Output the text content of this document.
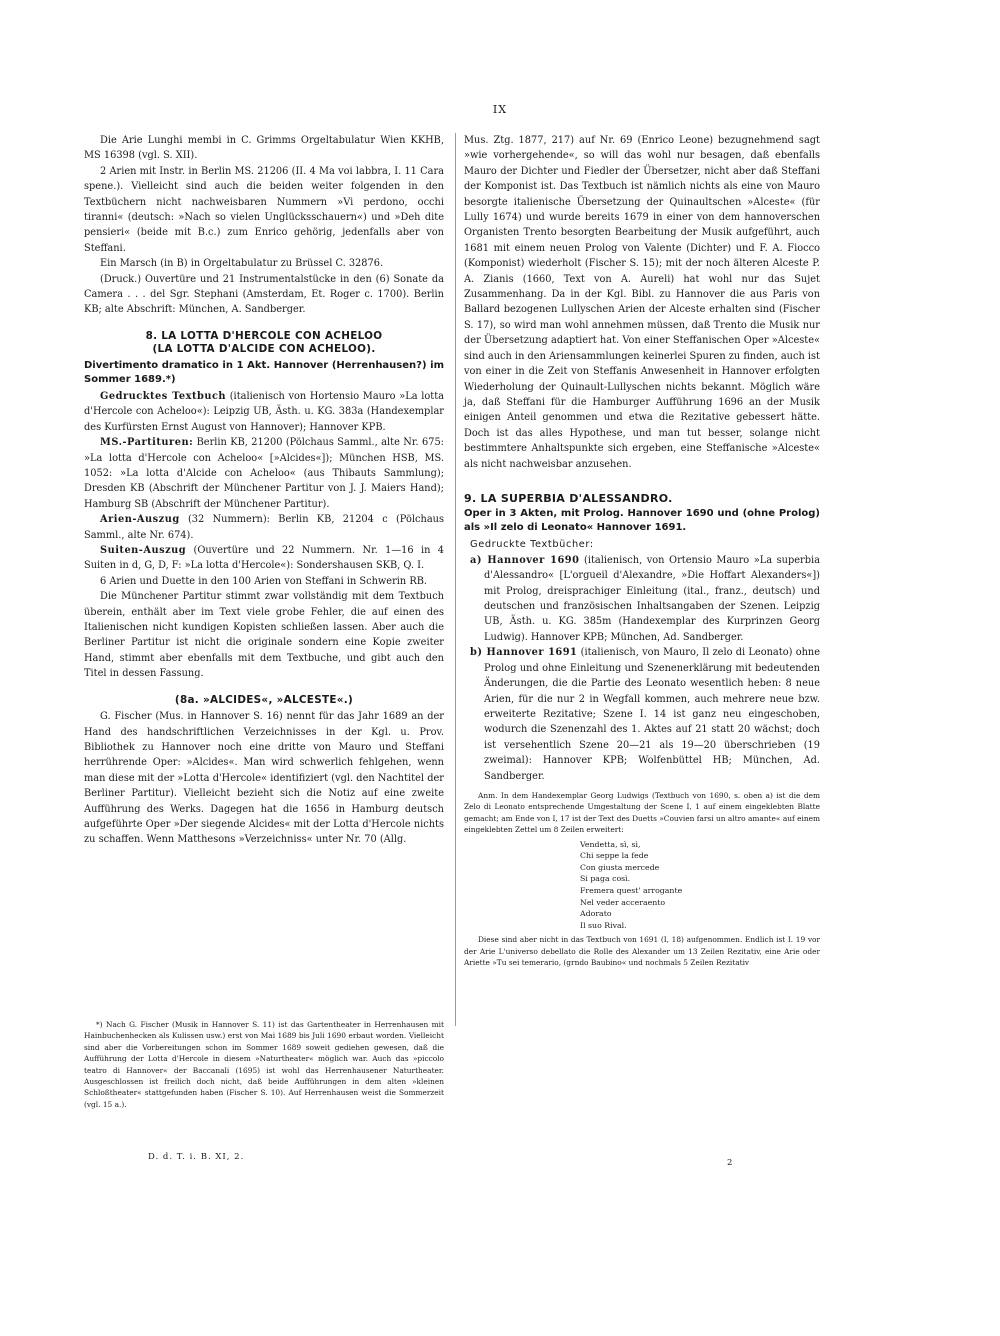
IX

Die Arie Lunghi membi in C. Grimms Orgeltabulatur Wien KKHB, MS 16398 (vgl. S. XII).

2 Arien mit Instr. in Berlin MS. 21206 (II. 4 Ma voi labbra, I. 11 Cara spene.). Vielleicht sind auch die beiden weiter folgenden in den Textbüchern nicht nachweisbaren Nummern »Vi perdono, occhi tiranni« (deutsch: »Nach so vielen Unglücksschauern«) und »Deh dite pensieri« (beide mit B.c.) zum Enrico gehörig, jedenfalls aber von Steffani.

Ein Marsch (in B) in Orgeltabulatur zu Brüssel C. 32876.

(Druck.) Ouvertüre und 21 Instrumentalstücke in den (6) Sonate da Camera . . . del Sgr. Stephani (Amsterdam, Et. Roger c. 1700). Berlin KB; alte Abschrift: München, A. Sandberger.

8. LA LOTTA D'HERCOLE CON ACHELOO
(LA LOTTA D'ALCIDE CON ACHELOO).
Divertimento dramatico in 1 Akt. Hannover (Herrenhausen?) im Sommer 1689.*)

Gedrucktes Textbuch (italienisch von Hortensio Mauro »La lotta d'Hercole con Acheloo«): Leipzig UB, Ästh. u. KG. 383a (Handexemplar des Kurfürsten Ernst August von Hannover); Hannover KPB.

MS.-Partituren: Berlin KB, 21200 (Pölchaus Samml., alte Nr. 675: »La lotta d'Hercole con Acheloo« [»Alcides«]); München HSB, MS. 1052: »La lotta d'Alcide con Acheloo« (aus Thibauts Sammlung); Dresden KB (Abschrift der Münchener Partitur von J. J. Maiers Hand); Hamburg SB (Abschrift der Münchener Partitur).

Arien-Auszug (32 Nummern): Berlin KB, 21204 c (Pölchaus Samml., alte Nr. 674).

Suiten-Auszug (Ouvertüre und 22 Nummern. Nr. 1—16 in 4 Suiten in d, G, D, F: »La lotta d'Hercole«): Sondershausen SKB, Q. I.

6 Arien und Duette in den 100 Arien von Steffani in Schwerin RB.

Die Münchener Partitur stimmt zwar vollständig mit dem Textbuch überein, enthält aber im Text viele grobe Fehler, die auf einen des Italienischen nicht kundigen Kopisten schließen lassen. Aber auch die Berliner Partitur ist nicht die originale sondern eine Kopie zweiter Hand, stimmt aber ebenfalls mit dem Textbuche, und gibt auch den Titel in dessen Fassung.

(8a. »ALCIDES«, »ALCESTE«.)

G. Fischer (Mus. in Hannover S. 16) nennt für das Jahr 1689 an der Hand des handschriftlichen Verzeichnisses in der Kgl. u. Prov. Bibliothek zu Hannover noch eine dritte von Mauro und Steffani herrührende Oper: »Alcides«. Man wird schwerlich fehlgehen, wenn man diese mit der »Lotta d'Hercole« identifiziert (vgl. den Nachtitel der Berliner Partitur). Vielleicht bezieht sich die Notiz auf eine zweite Aufführung des Werks. Dagegen hat die 1656 in Hamburg deutsch aufgeführte Oper »Der siegende Alcides« mit der Lotta d'Hercole nichts zu schaffen. Wenn Matthesons »Verzeichniss« unter Nr. 70 (Allg.

*) Nach G. Fischer (Musik in Hannover S. 11) ist das Gartentheater in Herrenhausen mit Hainbuchenhecken als Kulissen usw.) erst von Mai 1689 bis Juli 1690 erbaut worden. Vielleicht sind aber die Vorbereitungen schon im Sommer 1689 soweit gediehen gewesen, daß die Aufführung der Lotta d'Hercole in diesem »Naturtheater« möglich war. Auch das »piccolo teatro di Hannover« der Baccanali (1695) ist wohl das Herrenhausener Naturtheater. Ausgeschlossen ist freilich doch nicht, daß beide Aufführungen in dem alten »kleinen Schloßtheater« stattgefunden haben (Fischer S. 10). Auf Herrenhausen weist die Sommerzeit (vgl. 15 a.).

D. d. T. i. B. XI, 2.

Mus. Ztg. 1877, 217) auf Nr. 69 (Enrico Leone) bezugnehmend sagt »wie vorhergehende«, so will das wohl nur besagen, daß ebenfalls Mauro der Dichter und Fiedler der Übersetzer, nicht aber daß Steffani der Komponist ist. Das Textbuch ist nämlich nichts als eine von Mauro besorgte italienische Übersetzung der Quinaultschen »Alceste« (für Lully 1674) und wurde bereits 1679 in einer von dem hannoverschen Organisten Trento besorgten Bearbeitung der Musik aufgeführt, auch 1681 mit einem neuen Prolog von Valente (Dichter) und F. A. Fiocco (Komponist) wiederholt (Fischer S. 15); mit der noch älteren Alceste P. A. Zianis (1660, Text von A. Aureli) hat wohl nur das Sujet Zusammenhang. Da in der Kgl. Bibl. zu Hannover die aus Paris von Ballard bezogenen Lullyschen Arien der Alceste erhalten sind (Fischer S. 17), so wird man wohl annehmen müssen, daß Trento die Musik nur der Übersetzung adaptiert hat. Von einer Steffanischen Oper »Alceste« sind auch in den Ariensammlungen keinerlei Spuren zu finden, auch ist von einer in die Zeit von Steffanis Anwesenheit in Hannover erfolgten Wiederholung der Quinault-Lullyschen nichts bekannt. Möglich wäre ja, daß Steffani für die Hamburger Aufführung 1696 an der Musik einigen Anteil genommen und etwa die Rezitative gebessert hätte. Doch ist das alles Hypothese, und man tut besser, solange nicht bestimmtere Anhaltspunkte sich ergeben, eine Steffanische »Alceste« als nicht nachweisbar anzusehen.

9. LA SUPERBIA D'ALESSANDRO.
Oper in 3 Akten, mit Prolog. Hannover 1690 und (ohne Prolog) als »Il zelo di Leonato« Hannover 1691.
Gedruckte Textbücher:

a) Hannover 1690 (italienisch, von Ortensio Mauro »La superbia d'Alessandro« [L'orgueil d'Alexandre, »Die Hoffart Alexanders«]) mit Prolog, dreisprachiger Einleitung (ital., franz., deutsch) und deutschen und französischen Inhaltsangaben der Szenen. Leipzig UB, Ästh. u. KG. 385m (Handexemplar des Kurprinzen Georg Ludwig). Hannover KPB; München, Ad. Sandberger.

b) Hannover 1691 (italienisch, von Mauro, Il zelo di Leonato) ohne Prolog und ohne Einleitung und Szenenerklärung mit bedeutenden Änderungen, die die Partie des Leonato wesentlich heben: 8 neue Arien, für die nur 2 in Wegfall kommen, auch mehrere neue bzw. erweiterte Rezitative; Szene I. 14 ist ganz neu eingeschoben, wodurch die Szenenzahl des 1. Aktes auf 21 statt 20 wächst; doch ist versehentlich Szene 20—21 als 19—20 überschrieben (19 zweimal): Hannover KPB; Wolfenbüttel HB; München, Ad. Sandberger.

Anm. In dem Handexemplar Georg Ludwigs (Textbuch von 1690, s. oben a) ist die dem Zelo di Leonato entsprechende Umgestaltung der Scene I, 1 auf einem eingeklebten Blatte gemacht; am Ende von I, 17 ist der Text des Duetts »Couvien farsi un altro amante« auf einem eingeklebten Zettel um 8 Zeilen erweitert:

Vendetta, sì, sì,
Chi seppe la fede
Con giusta mercede
Si paga così.
Fremera quest' arrogante
Nel veder acceraento
Adorato
Il suo Rival.

Diese sind aber nicht in das Textbuch von 1691 (I, 18) aufgenommen. Endlich ist I. 19 vor der Arie L'universo debellato die Rolle des Alexander um 13 Zeilen Rezitativ, eine Arie oder Ariette »Tu sei temerario, (grndo Baubino« und nochmals 5 Zeilen Rezitativ

2
